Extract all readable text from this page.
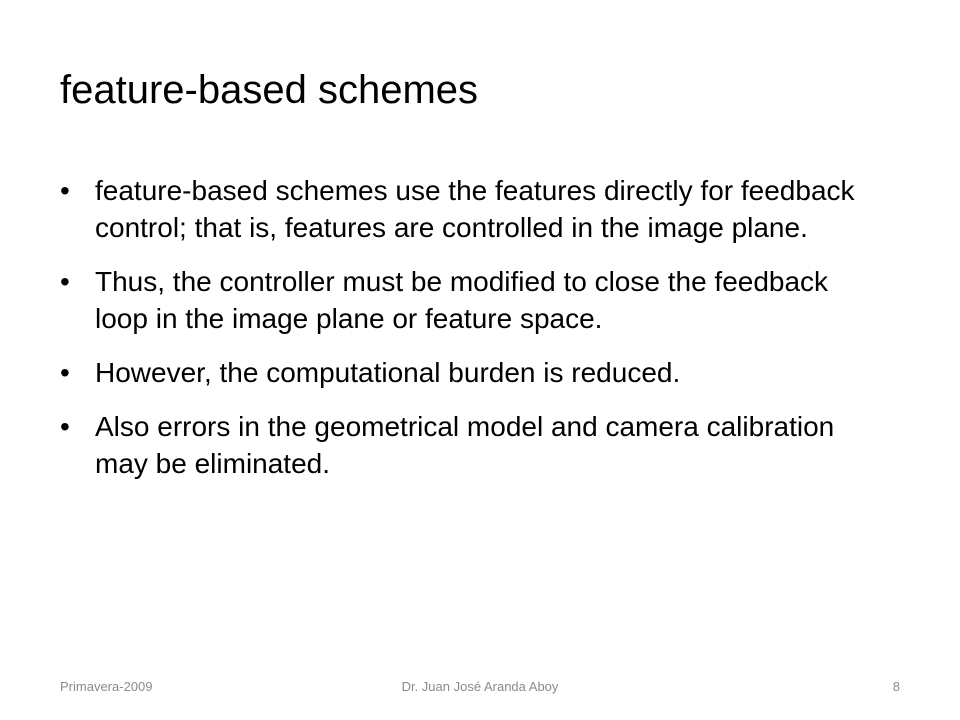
feature-based schemes
• feature-based schemes use the features directly for feedback control; that is, features are controlled in the image plane.
• Thus, the controller must be modified to close the feedback loop in the image plane or feature space.
• However, the computational burden is reduced.
• Also errors in the geometrical model and camera calibration may be eliminated.
Primavera-2009	Dr. Juan José Aranda Aboy	8
